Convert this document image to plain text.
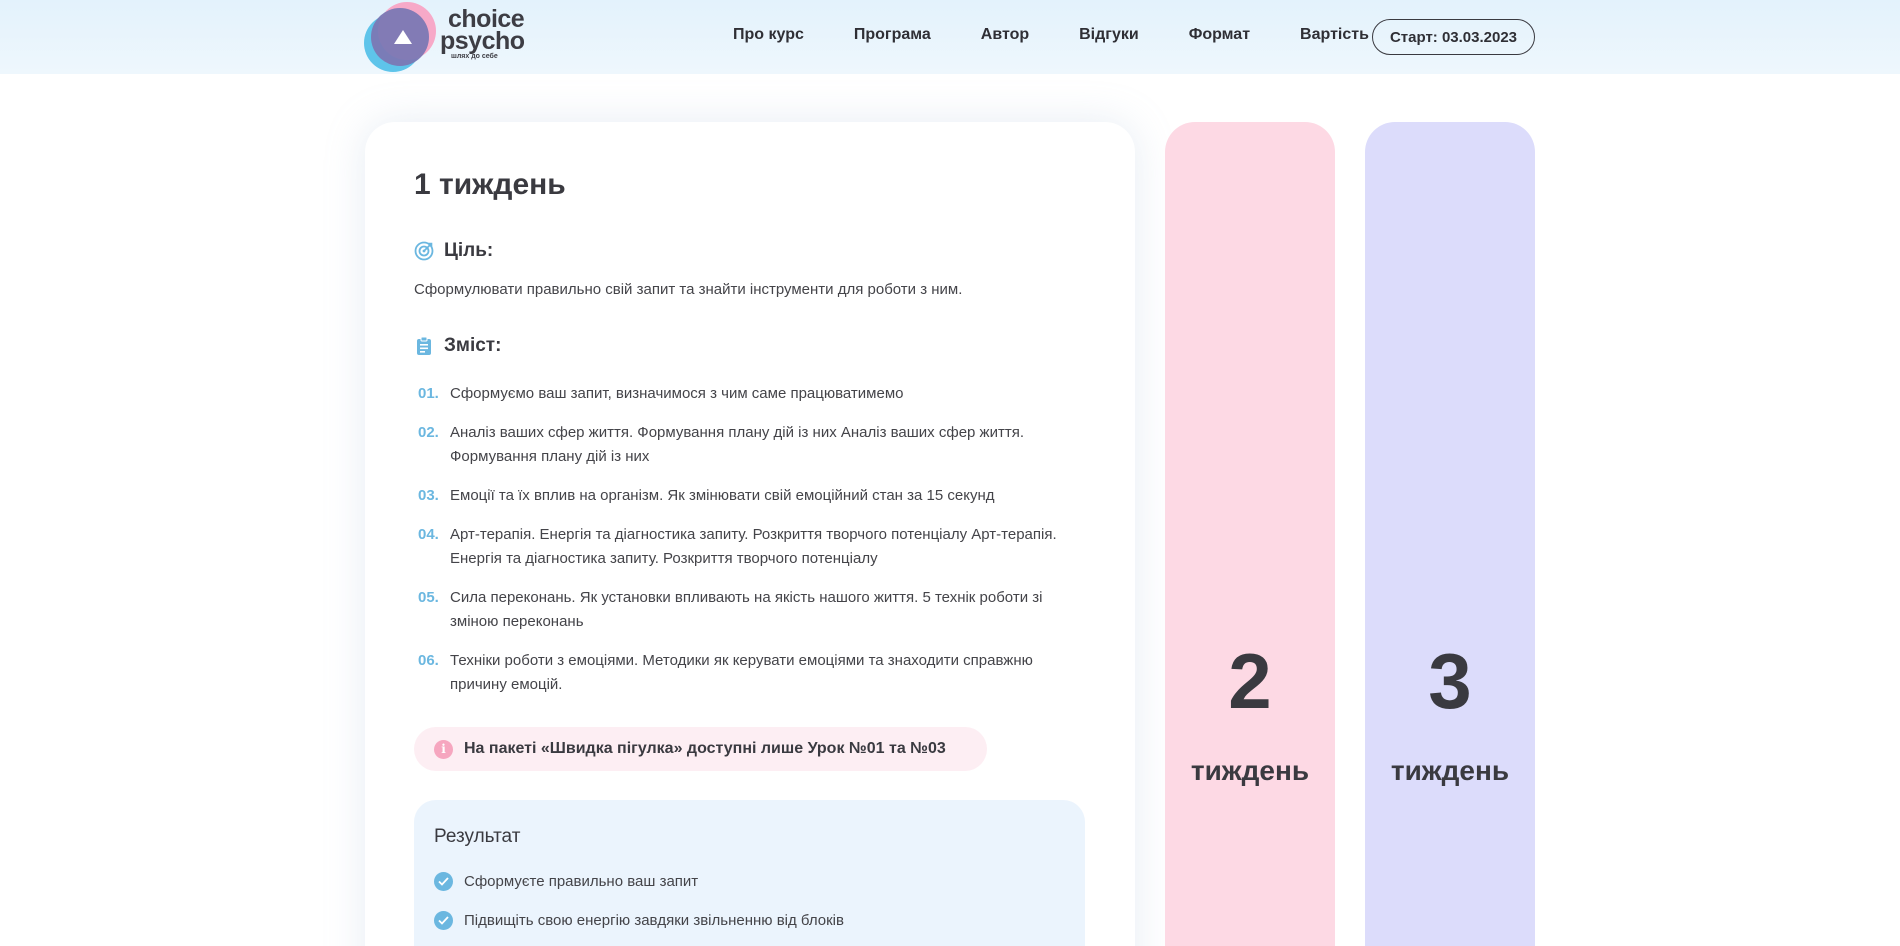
choice
psycho
шлях до себе
Про курс	Програма	Автор	Відгуки	Формат	Вартість	Старт: 03.03.2023
1 тиждень
Ціль:

Сформулювати правильно свій запит та знайти інструменти для роботи з ним.

Зміст:
01. Сформуємо ваш запит, визначимося з чим саме працюватимемо
02. Аналіз ваших сфер життя. Формування плану дій із них Аналіз ваших сфер життя. Формування плану дій із них
03. Емоції та їх вплив на організм. Як змінювати свій емоційний стан за 15 секунд
04. Арт-терапія. Енергія та діагностика запиту. Розкриття творчого потенціалу Арт-терапія. Енергія та діагностика запиту. Розкриття творчого потенціалу
05. Сила переконань. Як установки впливають на якість нашого життя. 5 технік роботи зі зміною переконань
06. Техніки роботи з емоціями. Методики як керувати емоціями та знаходити справжню причину емоцій.
i	На пакеті «Швидка пігулка» доступні лише Урок №01 та №03
Результат
Сформуєте правильно ваш запит
Підвищіть свою енергію завдяки звільненню від блоків
2
тиждень
3
тиждень
